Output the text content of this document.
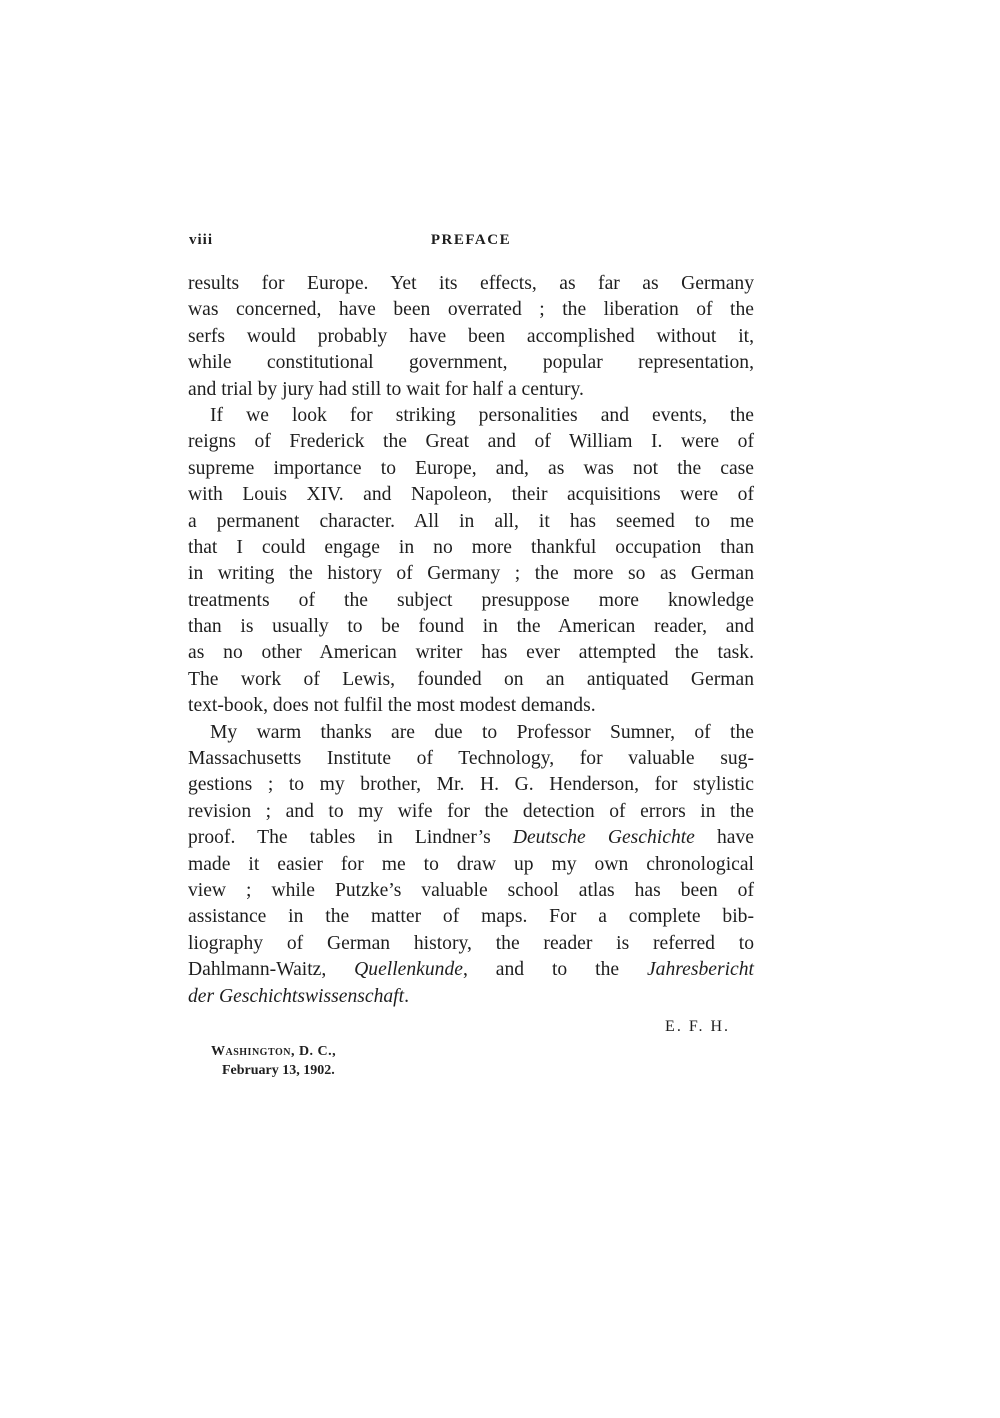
viii	PREFACE
results for Europe. Yet its effects, as far as Germany
was concerned, have been overrated ; the liberation of the
serfs would probably have been accomplished without it,
while constitutional government, popular representation,
and trial by jury had still to wait for half a century.
If we look for striking personalities and events, the
reigns of Frederick the Great and of William I. were of
supreme importance to Europe, and, as was not the case
with Louis XIV. and Napoleon, their acquisitions were of
a permanent character. All in all, it has seemed to me
that I could engage in no more thankful occupation than
in writing the history of Germany ; the more so as German
treatments of the subject presuppose more knowledge
than is usually to be found in the American reader, and
as no other American writer has ever attempted the task.
The work of Lewis, founded on an antiquated German
text-book, does not fulfil the most modest demands.
My warm thanks are due to Professor Sumner, of the
Massachusetts Institute of Technology, for valuable sug-
gestions ; to my brother, Mr. H. G. Henderson, for stylistic
revision ; and to my wife for the detection of errors in the
proof. The tables in Lindner’s Deutsche Geschichte have
made it easier for me to draw up my own chronological
view ; while Putzke’s valuable school atlas has been of
assistance in the matter of maps. For a complete bib-
liography of German history, the reader is referred to
Dahlmann-Waitz, Quellenkunde, and to the Jahresbericht
der Geschichtswissenschaft.
E. F. H.
Washington, D. C.,
February 13, 1902.
